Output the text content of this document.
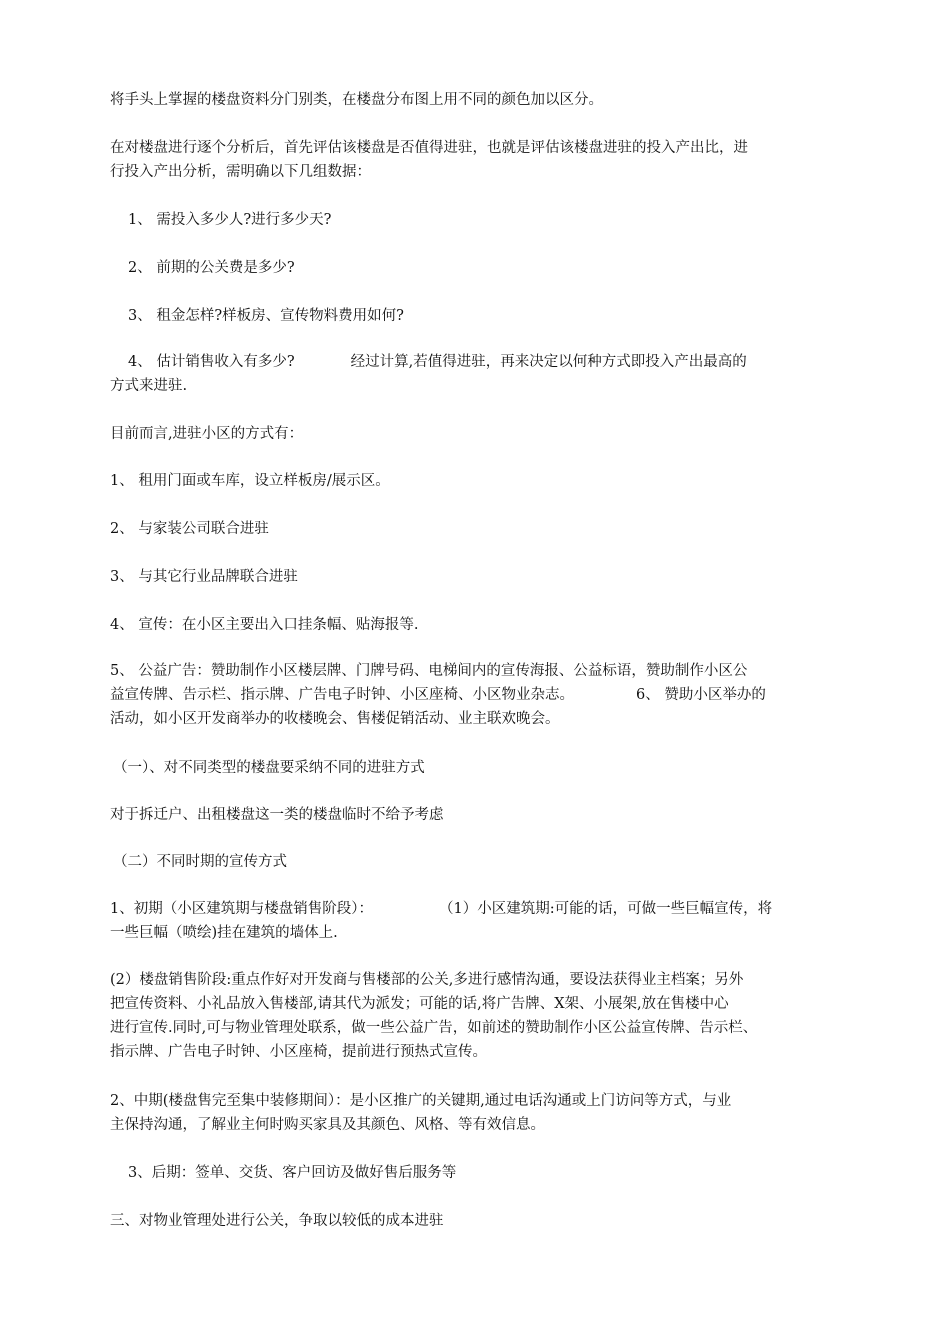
将手头上掌握的楼盘资料分门别类，在楼盘分布图上用不同的颜色加以区分。

在对楼盘进行逐个分析后，首先评估该楼盘是否值得进驻，也就是评估该楼盘进驻的投入产出比，进

行投入产出分析，需明确以下几组数据：

1、 需投入多少人?进行多少天?

2、 前期的公关费是多少?

3、 租金怎样?样板房、宣传物料费用如何?

4、 估计销售收入有多少?	经过计算,若值得进驻，再来决定以何种方式即投入产出最高的

方式来进驻.

目前而言,进驻小区的方式有：

1、 租用门面或车库，设立样板房/展示区。

2、 与家装公司联合进驻

3、 与其它行业品牌联合进驻

4、 宣传：在小区主要出入口挂条幅、贴海报等.

5、 公益广告：赞助制作小区楼层牌、门牌号码、电梯间内的宣传海报、公益标语，赞助制作小区公

益宣传牌、告示栏、指示牌、广告电子时钟、小区座椅、小区物业杂志。	6、 赞助小区举办的

活动，如小区开发商举办的收楼晚会、售楼促销活动、业主联欢晚会。

（一）、对不同类型的楼盘要采纳不同的进驻方式

对于拆迁户、出租楼盘这一类的楼盘临时不给予考虑

（二）不同时期的宣传方式

1、初期（小区建筑期与楼盘销售阶段）：	（1）小区建筑期:可能的话，可做一些巨幅宣传，将

一些巨幅（喷绘)挂在建筑的墙体上.

(2）楼盘销售阶段:重点作好对开发商与售楼部的公关,多进行感情沟通，要设法获得业主档案；另外

把宣传资料、小礼品放入售楼部,请其代为派发；可能的话,将广告牌、X架、小展架,放在售楼中心

进行宣传.同时,可与物业管理处联系，做一些公益广告，如前述的赞助制作小区公益宣传牌、告示栏、

指示牌、广告电子时钟、小区座椅，提前进行预热式宣传。

2、中期(楼盘售完至集中装修期间）：是小区推广的关键期,通过电话沟通或上门访问等方式，与业

主保持沟通，了解业主何时购买家具及其颜色、风格、等有效信息。

3、后期：签单、交货、客户回访及做好售后服务等

三、对物业管理处进行公关，争取以较低的成本进驻
